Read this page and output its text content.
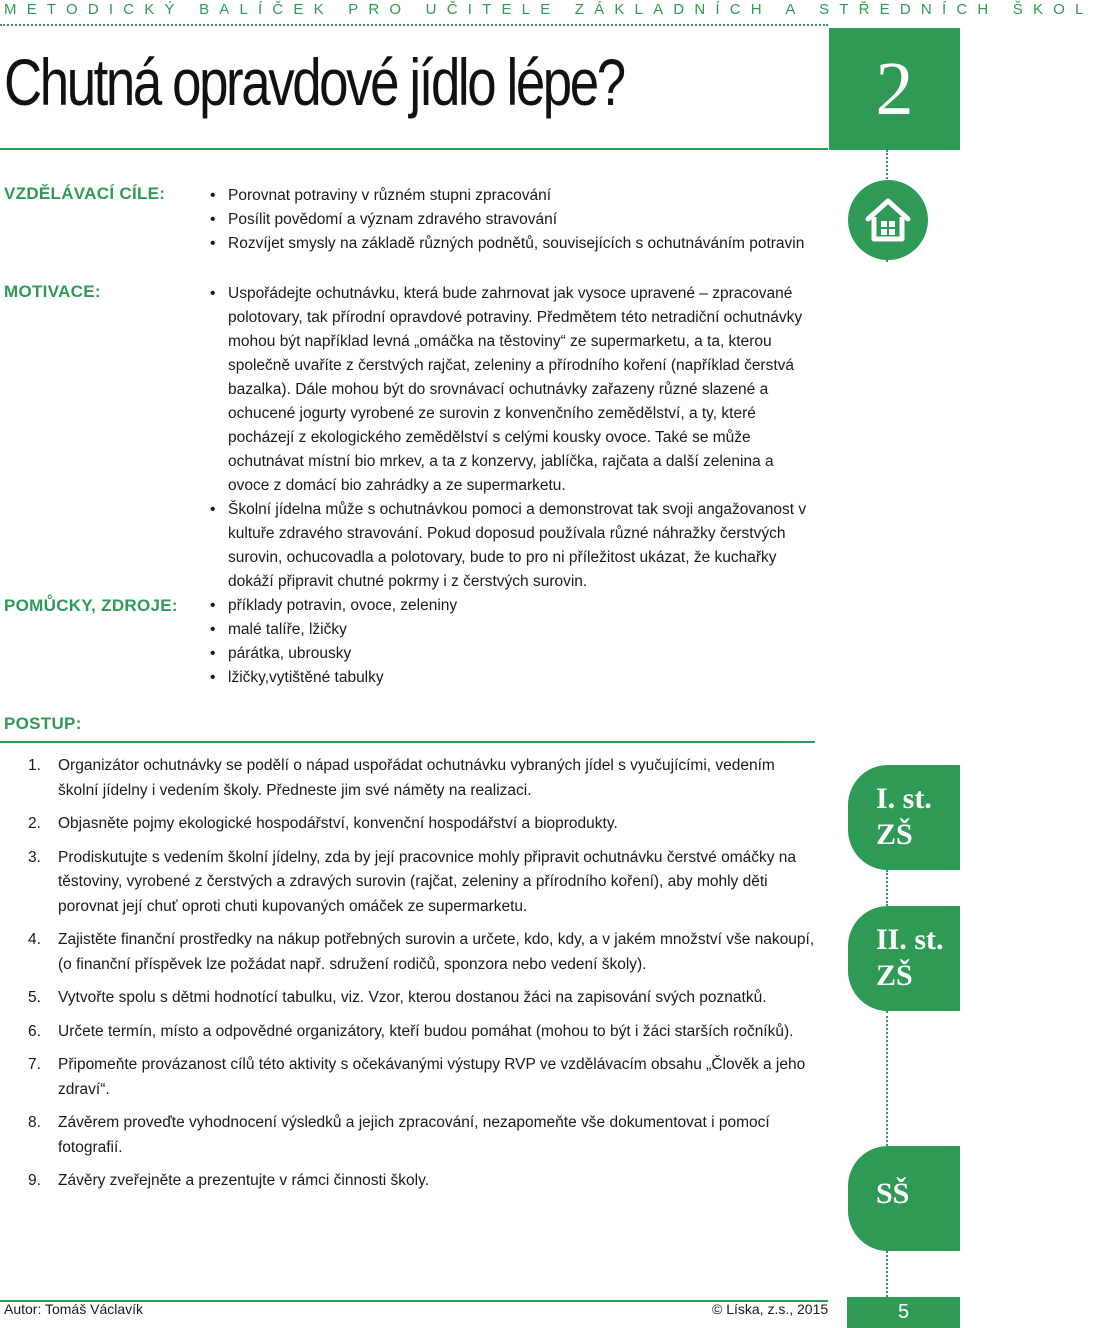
METODICKÝ BALÍČEK PRO UČITELE ZÁKLADNÍCH A STŘEDNÍCH ŠKOL
Chutná opravdové jídlo lépe?	2
VZDĚLÁVACÍ CÍLE:	• Porovnat potraviny v různém stupni zpracování
• Posílit povědomí a význam zdravého stravování
• Rozvíjet smysly na základě různých podnětů, souvisejících s ochutnáváním potravin
MOTIVACE:	• Uspořádejte ochutnávku, která bude zahrnovat jak vysoce upravené – zpracované polotovary, tak přírodní opravdové potraviny. Předmětem této netradiční ochutnávky mohou být například levná „omáčka na těstoviny“ ze supermarketu, a ta, kterou společně uvaříte z čerstvých rajčat, zeleniny a přírodního koření (například čerstvá bazalka). Dále mohou být do srovnávací ochutnávky zařazeny různé slazené a ochucené jogurty vyrobené ze surovin z konvenčního zemědělství, a ty, které pocházejí z ekologického zemědělství s celými kousky ovoce. Také se může ochutnávat místní bio mrkev, a ta z konzervy, jablíčka, rajčata a další zelenina a ovoce z domácí bio zahrádky a ze supermarketu.
• Školní jídelna může s ochutnávkou pomoci a demonstrovat tak svoji angažovanost v kultuře zdravého stravování. Pokud doposud používala různé náhražky čerstvých surovin, ochucovadla a polotovary, bude to pro ni příležitost ukázat, že kuchařky dokáží připravit chutné pokrmy i z čerstvých surovin.
POMŮCKY, ZDROJE:	• příklady potravin, ovoce, zeleniny
• malé talíře, lžičky
• párátka, ubrousky
• lžičky,vytištěné tabulky
POSTUP:
1. Organizátor ochutnávky se podělí o nápad uspořádat ochutnávku vybraných jídel s vyučujícími, vedením školní jídelny i vedením školy. Předneste jim své náměty na realizaci.
2. Objasněte pojmy ekologické hospodářství, konvenční hospodářství a bioprodukty.
3. Prodiskutujte s vedením školní jídelny, zda by její pracovnice mohly připravit ochutnávku čerstvé omáčky na těstoviny, vyrobené z čerstvých a zdravých surovin (rajčat, zeleniny a přírodního koření), aby mohly děti porovnat její chuť oproti chuti kupovaných omáček ze supermarketu.
4. Zajistěte finanční prostředky na nákup potřebných surovin a určete, kdo, kdy, a v jakém množství vše nakoupí, (o finanční příspěvek lze požádat např. sdružení rodičů, sponzora nebo vedení školy).
5. Vytvořte spolu s dětmi hodnotící tabulku, viz. Vzor, kterou dostanou žáci na zapisování svých poznatků.
6. Určete termín, místo a odpovědné organizátory, kteří budou pomáhat (mohou to být i žáci starších ročníků).
7. Připomeňte provázanost cílů této aktivity s očekávanými výstupy RVP ve vzdělávacím obsahu „Člověk a jeho zdraví“.
8. Závěrem proveďte vyhodnocení výsledků a jejich zpracování, nezapomeňte vše dokumentovat i pomocí fotografií.
9. Závěry zveřejněte a prezentujte v rámci činnosti školy.
I. st.
ZŠ
II. st.
ZŠ
SŠ
Autor: Tomáš Václavík	© Líska, z.s., 2015	5
